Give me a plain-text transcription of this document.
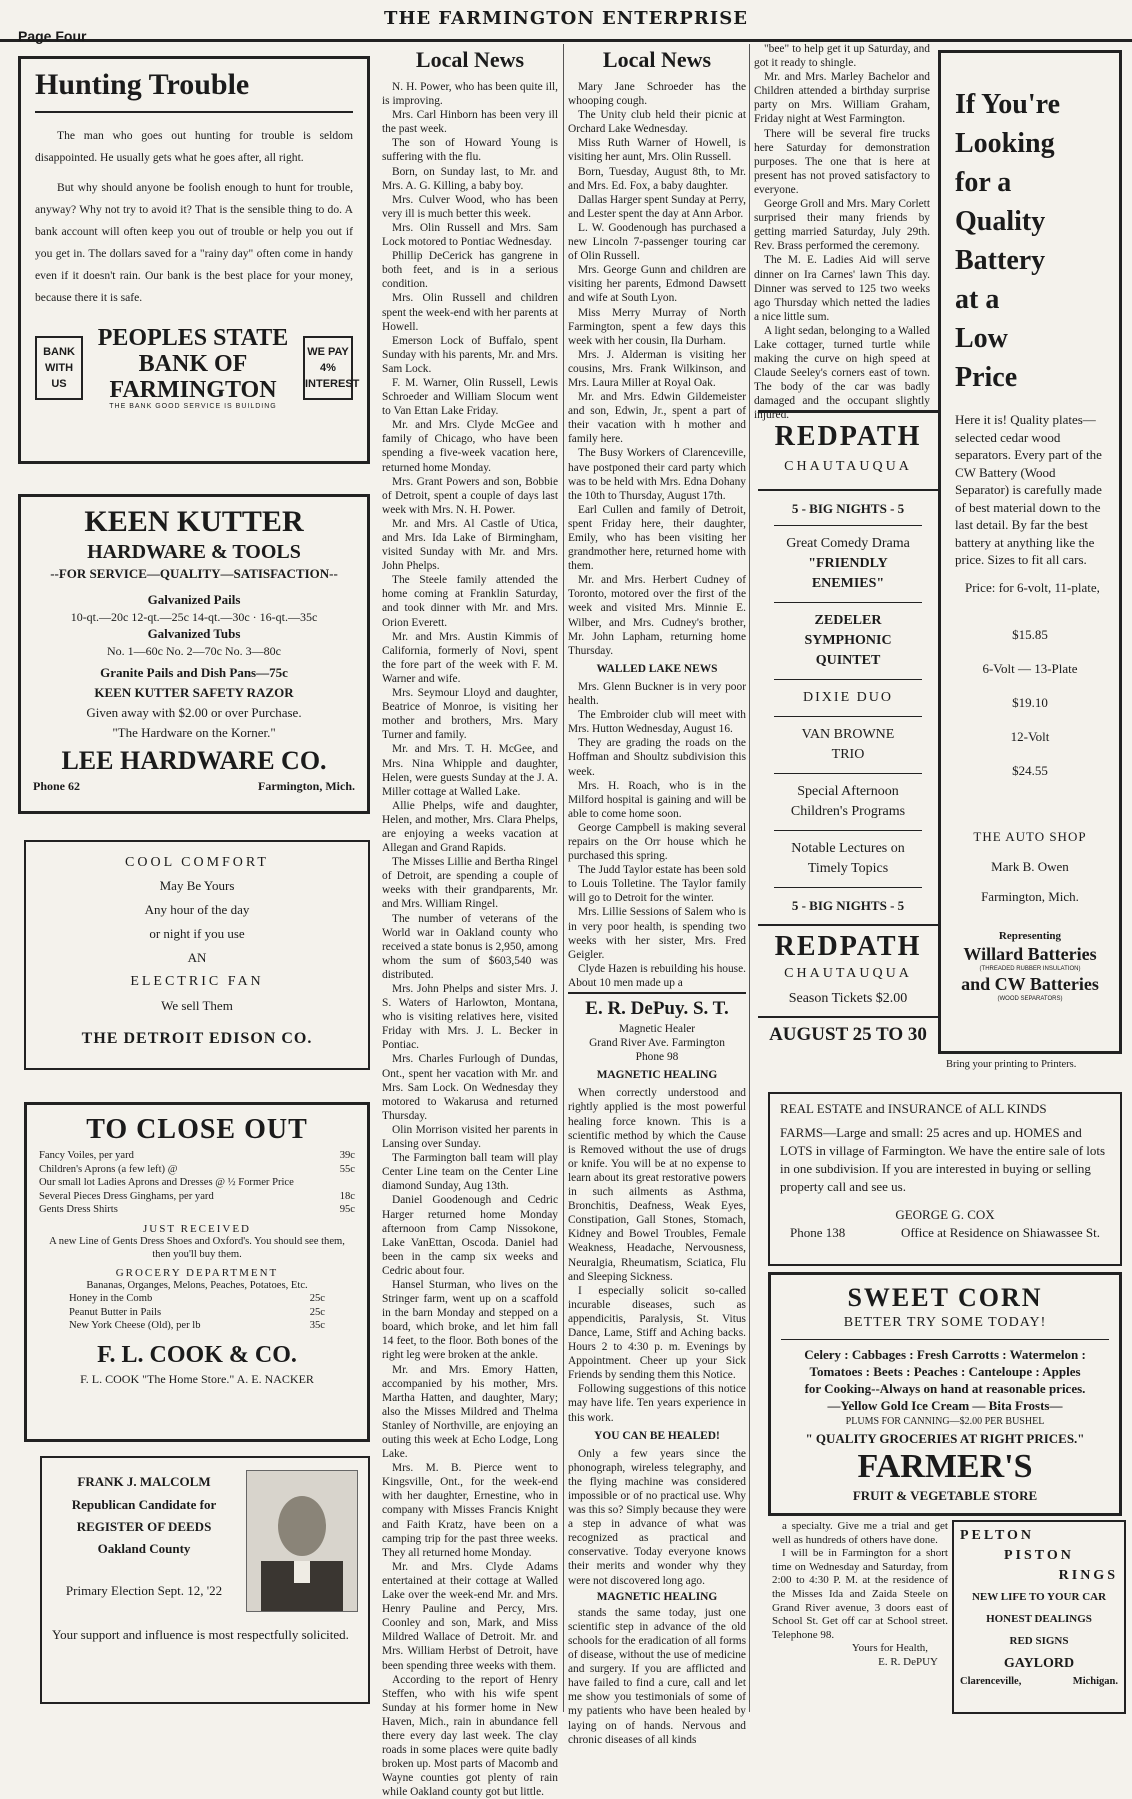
THE FARMINGTON ENTERPRISE
Page Four
Hunting Trouble
The man who goes out hunting for trouble is seldom disappointed. He usually gets what he goes after, all right.
But why should anyone be foolish enough to hunt for trouble, anyway? Why not try to avoid it? That is the sensible thing to do. A bank account will often keep you out of trouble or help you out if you get in. The dollars saved for a "rainy day" often come in handy even if it doesn't rain. Our bank is the best place for your money, because there it is safe.
BANK WITH US
PEOPLES STATE
BANK OF
FARMINGTON
THE BANK GOOD SERVICE IS BUILDING
WE PAY 4% INTEREST
KEEN KUTTER
HARDWARE & TOOLS
--FOR SERVICE—QUALITY—SATISFACTION--
Galvanized Pails
10-qt.—20c 12-qt.—25c 14-qt.—30c · 16-qt.—35c
Galvanized Tubs
No. 1—60c No. 2—70c No. 3—80c
Granite Pails and Dish Pans—75c
KEEN KUTTER SAFETY RAZOR
Given away with $2.00 or over Purchase.
"The Hardware on the Korner."
LEE HARDWARE CO.
Phone 62	Farmington, Mich.
COOL COMFORT
May Be Yours
Any hour of the day
or night if you use
AN
ELECTRIC FAN
We sell Them
THE DETROIT EDISON CO.
TO CLOSE OUT
Fancy Voiles, per yard	39c
Children's Aprons (a few left) @	55c
Our small lot Ladies Aprons and Dresses @ ½ Former Price
Several Pieces Dress Ginghams, per yard	18c
Gents Dress Shirts	95c
JUST RECEIVED
A new Line of Gents Dress Shoes and Oxford's. You should see them, then you'll buy them.
GROCERY DEPARTMENT
Bananas, Organges, Melons, Peaches, Potatoes, Etc.
Honey in the Comb	25c
Peanut Butter in Pails	25c
New York Cheese (Old), per lb	35c
F. L. COOK & CO.
F. L. COOK "The Home Store." A. E. NACKER
FRANK J. MALCOLM
Republican Candidate for
REGISTER OF DEEDS
Oakland County
Primary Election Sept. 12, '22
Your support and influence is most respectfully solicited.
Local News

N. H. Power, who has been quite ill, is improving.

Mrs. Carl Hinborn has been very ill the past week.

The son of Howard Young is suffering with the flu.

Born, on Sunday last, to Mr. and Mrs. A. G. Killing, a baby boy.

Mrs. Culver Wood, who has been very ill is much better this week.

Mrs. Olin Russell and Mrs. Sam Lock motored to Pontiac Wednesday.

Phillip DeCerick has gangrene in both feet, and is in a serious condition.

Mrs. Olin Russell and children spent the week-end with her parents at Howell.

Emerson Lock of Buffalo, spent Sunday with his parents, Mr. and Mrs. Sam Lock.

F. M. Warner, Olin Russell, Lewis Schroeder and William Slocum went to Van Ettan Lake Friday.

Mr. and Mrs. Clyde McGee and family of Chicago, who have been spending a five-week vacation here, returned home Monday.

Mrs. Grant Powers and son, Bobbie of Detroit, spent a couple of days last week with Mrs. N. H. Power.

Mr. and Mrs. Al Castle of Utica, and Mrs. Ida Lake of Birmingham, visited Sunday with Mr. and Mrs. John Phelps.

The Steele family attended the home coming at Franklin Saturday, and took dinner with Mr. and Mrs. Orion Everett.

Mr. and Mrs. Austin Kimmis of California, formerly of Novi, spent the fore part of the week with F. M. Warner and wife.

Mrs. Seymour Lloyd and daughter, Beatrice of Monroe, is visiting her mother and brothers, Mrs. Mary Turner and family.

Mr. and Mrs. T. H. McGee, and Mrs. Nina Whipple and daughter, Helen, were guests Sunday at the J. A. Miller cottage at Walled Lake.

Allie Phelps, wife and daughter, Helen, and mother, Mrs. Clara Phelps, are enjoying a weeks vacation at Allegan and Grand Rapids.

The Misses Lillie and Bertha Ringel of Detroit, are spending a couple of weeks with their grandparents, Mr. and Mrs. William Ringel.

The number of veterans of the World war in Oakland county who received a state bonus is 2,950, among whom the sum of $603,540 was distributed.

Mrs. John Phelps and sister Mrs. J. S. Waters of Harlowton, Montana, who is visiting relatives here, visited Friday with Mrs. J. L. Becker in Pontiac.

Mrs. Charles Furlough of Dundas, Ont., spent her vacation with Mr. and Mrs. Sam Lock. On Wednesday they motored to Wakarusa and returned Thursday.

Olin Morrison visited her parents in Lansing over Sunday.

The Farmington ball team will play Center Line team on the Center Line diamond Sunday, Aug 13th.

Daniel Goodenough and Cedric Harger returned home Monday afternoon from Camp Nissokone, Lake VanEttan, Oscoda. Daniel had been in the camp six weeks and Cedric about four.

Hansel Sturman, who lives on the Stringer farm, went up on a scaffold in the barn Monday and stepped on a board, which broke, and let him fall 14 feet, to the floor. Both bones of the right leg were broken at the ankle.

Mr. and Mrs. Emory Hatten, accompanied by his mother, Mrs. Martha Hatten, and daughter, Mary; also the Misses Mildred and Thelma Stanley of Northville, are enjoying an outing this week at Echo Lodge, Long Lake.

Mrs. M. B. Pierce went to Kingsville, Ont., for the week-end with her daughter, Ernestine, who in company with Misses Francis Knight and Faith Kratz, have been on a camping trip for the past three weeks. They all returned home Monday.

Mr. and Mrs. Clyde Adams entertained at their cottage at Walled Lake over the week-end Mr. and Mrs. Henry Pauline and Percy, Mrs. Coonley and son, Mark, and Miss Mildred Wallace of Detroit. Mr. and Mrs. William Herbst of Detroit, have been spending three weeks with them.

According to the report of Henry Steffen, who with his wife spent Sunday at his former home in New Haven, Mich., rain in abundance fell there every day last week. The clay roads in some places were quite badly broken up. Most parts of Macomb and Wayne counties got plenty of rain while Oakland county got but little.

Local News

Mary Jane Schroeder has the whooping cough.

The Unity club held their picnic at Orchard Lake Wednesday.

Miss Ruth Warner of Howell, is visiting her aunt, Mrs. Olin Russell.

Born, Tuesday, August 8th, to Mr. and Mrs. Ed. Fox, a baby daughter.

Dallas Harger spent Sunday at Perry, and Lester spent the day at Ann Arbor.

L. W. Goodenough has purchased a new Lincoln 7-passenger touring car of Olin Russell.

Mrs. George Gunn and children are visiting her parents, Edmond Dawsett and wife at South Lyon.

Miss Merry Murray of North Farmington, spent a few days this week with her cousin, Ila Durham.

Mrs. J. Alderman is visiting her cousins, Mrs. Frank Wilkinson, and Mrs. Laura Miller at Royal Oak.

Mr. and Mrs. Edwin Gildemeister and son, Edwin, Jr., spent a part of their vacation with h mother and family here.

The Busy Workers of Clarenceville, have postponed their card party which was to be held with Mrs. Edna Dohany the 10th to Thursday, August 17th.

Earl Cullen and family of Detroit, spent Friday here, their daughter, Emily, who has been visiting her grandmother here, returned home with them.

Mr. and Mrs. Herbert Cudney of Toronto, motored over the first of the week and visited Mrs. Minnie E. Wilber, and Mrs. Cudney's brother, Mr. John Lapham, returning home Thursday.

WALLED LAKE NEWS

Mrs. Glenn Buckner is in very poor health.

The Embroider club will meet with Mrs. Hutton Wednesday, August 16.

They are grading the roads on the Hoffman and Shoultz subdivision this week.

Mrs. H. Roach, who is in the Milford hospital is gaining and will be able to come home soon.

George Campbell is making several repairs on the Orr house which he purchased this spring.

The Judd Taylor estate has been sold to Louis Tolletine. The Taylor family will go to Detroit for the winter.

Mrs. Lillie Sessions of Salem who is in very poor health, is spending two weeks with her sister, Mrs. Fred Geigler.

Clyde Hazen is rebuilding his house. About 10 men made up a

E. R. DePuy. S. T.
Magnetic Healer
Grand River Ave. Farmington
Phone 98
MAGNETIC HEALING

When correctly understood and rightly applied is the most powerful healing force known. This is a scientific method by which the Cause is Removed without the use of drugs or knife. You will be at no expense to learn about its great restorative powers in such ailments as Asthma, Bronchitis, Deafness, Weak Eyes, Constipation, Gall Stones, Stomach, Kidney and Bowel Troubles, Female Weakness, Headache, Nervousness, Neuralgia, Rheumatism, Sciatica, Flu and Sleeping Sickness.

I especially solicit so-called incurable diseases, such as appendicitis, Paralysis, St. Vitus Dance, Lame, Stiff and Aching backs. Hours 2 to 4:30 p. m. Evenings by Appointment. Cheer up your Sick Friends by sending them this Notice.

Following suggestions of this notice may have life. Ten years experience in this work.

YOU CAN BE HEALED!

Only a few years since the phonograph, wireless telegraphy, and the flying machine was considered impossible or of no practical use. Why was this so? Simply because they were a step in advance of what was recognized as practical and conservative. Today everyone knows their merits and wonder why they were not discovered long ago.

MAGNETIC HEALING

stands the same today, just one scientific step in advance of the old schools for the eradication of all forms of disease, without the use of medicine and surgery. If you are afflicted and have failed to find a cure, call and let me show you testimonials of some of my patients who have been healed by laying on of hands. Nervous and chronic diseases of all kinds

"bee" to help get it up Saturday, and got it ready to shingle.

Mr. and Mrs. Marley Bachelor and Children attended a birthday surprise party on Mrs. William Graham, Friday night at West Farmington.

There will be several fire trucks here Saturday for demonstration purposes. The one that is here at present has not proved satisfactory to everyone.

George Groll and Mrs. Mary Corlett surprised their many friends by getting married Saturday, July 29th. Rev. Brass performed the ceremony.

The M. E. Ladies Aid will serve dinner on Ira Carnes' lawn This day. Dinner was served to 125 two weeks ago Thursday which netted the ladies a nice little sum.

A light sedan, belonging to a Walled Lake cottager, turned turtle while making the curve on high speed at Claude Seeley's corners east of town. The body of the car was badly damaged and the occupant slightly injured.

REDPATH
CHAUTAUQUA
5 - BIG NIGHTS - 5
Great Comedy Drama
"FRIENDLY ENEMIES"
ZEDELER SYMPHONIC QUINTET
DIXIE DUO
VAN BROWNE TRIO
Special Afternoon Children's Programs
Notable Lectures on Timely Topics
5 - BIG NIGHTS - 5
REDPATH
CHAUTAUQUA
Season Tickets $2.00
AUGUST 25 TO 30
If You're
Looking
for a
Quality
Battery
at a
Low
Price
Here it is! Quality plates—selected cedar wood separators. Every part of the CW Battery (Wood Separator) is carefully made of best material down to the last detail. By far the best battery at anything like the price. Sizes to fit all cars.
Price: for 6-volt, 11-plate,
$15.85
6-Volt — 13-Plate
$19.10
12-Volt
$24.55
THE AUTO SHOP
Mark B. Owen
Farmington, Mich.
Representing
Willard Batteries
(THREADED RUBBER INSULATION)
and CW Batteries
(WOOD SEPARATORS)
Bring your printing to Printers.
REAL ESTATE and INSURANCE of ALL KINDS
FARMS—Large and small: 25 acres and up. HOMES and LOTS in village of Farmington. We have the entire sale of lots in one subdivision. If you are interested in buying or selling property call and see us.
GEORGE G. COX
Phone 138	Office at Residence on Shiawassee St.
SWEET CORN
BETTER TRY SOME TODAY!
Celery : Cabbages : Fresh Carrotts : Watermelon :
Tomatoes : Beets : Peaches : Canteloupe : Apples
for Cooking--Always on hand at reasonable prices.
—Yellow Gold Ice Cream — Bita Frosts—
PLUMS FOR CANNING—$2.00 PER BUSHEL
" QUALITY GROCERIES AT RIGHT PRICES."
FARMER'S
FRUIT & VEGETABLE STORE

a specialty. Give me a trial and get well as hundreds of others have done.

I will be in Farmington for a short time on Wednesday and Saturday, from 2:00 to 4:30 P. M. at the residence of the Misses Ida and Zaida Steele on Grand River avenue, 3 doors east of School St. Get off car at School street. Telephone 98.

Yours for Health,
E. R. DePUY
PELTON
PISTON
RINGS
NEW LIFE TO YOUR CAR
HONEST DEALINGS
RED SIGNS
GAYLORD
Clarenceville,	Michigan.
